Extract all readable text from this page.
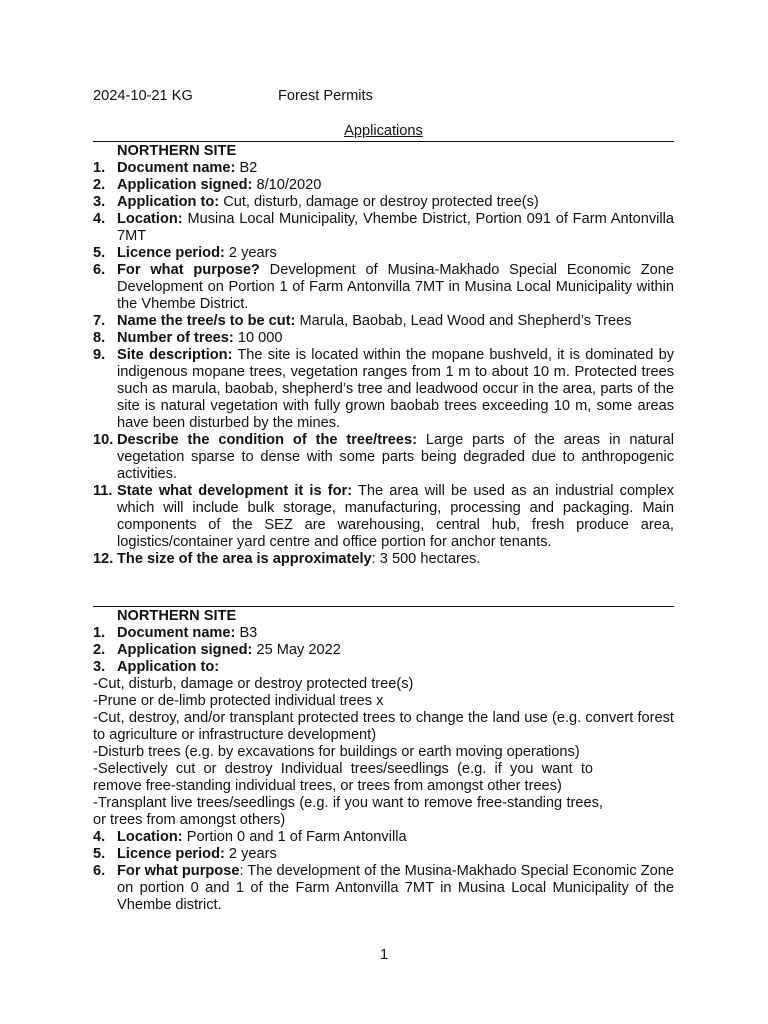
2024-10-21 KG	Forest Permits
Applications
NORTHERN SITE
1. Document name: B2
2. Application signed: 8/10/2020
3. Application to: Cut, disturb, damage or destroy protected tree(s)
4. Location: Musina Local Municipality, Vhembe District, Portion 091 of Farm Antonvilla 7MT
5. Licence period: 2 years
6. For what purpose? Development of Musina-Makhado Special Economic Zone Development on Portion 1 of Farm Antonvilla 7MT in Musina Local Municipality within the Vhembe District.
7. Name the tree/s to be cut: Marula, Baobab, Lead Wood and Shepherd’s Trees
8. Number of trees: 10 000
9. Site description: The site is located within the mopane bushveld, it is dominated by indigenous mopane trees, vegetation ranges from 1 m to about 10 m. Protected trees such as marula, baobab, shepherd’s tree and leadwood occur in the area, parts of the site is natural vegetation with fully grown baobab trees exceeding 10 m, some areas have been disturbed by the mines.
10. Describe the condition of the tree/trees: Large parts of the areas in natural vegetation sparse to dense with some parts being degraded due to anthropogenic activities.
11. State what development it is for: The area will be used as an industrial complex which will include bulk storage, manufacturing, processing and packaging. Main components of the SEZ are warehousing, central hub, fresh produce area, logistics/container yard centre and office portion for anchor tenants.
12. The size of the area is approximately: 3 500 hectares.
NORTHERN SITE
1. Document name: B3
2. Application signed: 25 May 2022
3. Application to:
-Cut, disturb, damage or destroy protected tree(s)
-Prune or de-limb protected individual trees x
-Cut, destroy, and/or transplant protected trees to change the land use (e.g. convert forest to agriculture or infrastructure development)
-Disturb trees (e.g. by excavations for buildings or earth moving operations)
-Selectively cut or destroy Individual trees/seedlings (e.g. if you want to remove free-standing individual trees, or trees from amongst other trees)
-Transplant live trees/seedlings (e.g. if you want to remove free-standing trees, or trees from amongst others)
4. Location: Portion 0 and 1 of Farm Antonvilla
5. Licence period: 2 years
6. For what purpose: The development of the Musina-Makhado Special Economic Zone on portion 0 and 1 of the Farm Antonvilla 7MT in Musina Local Municipality of the Vhembe district.
1
